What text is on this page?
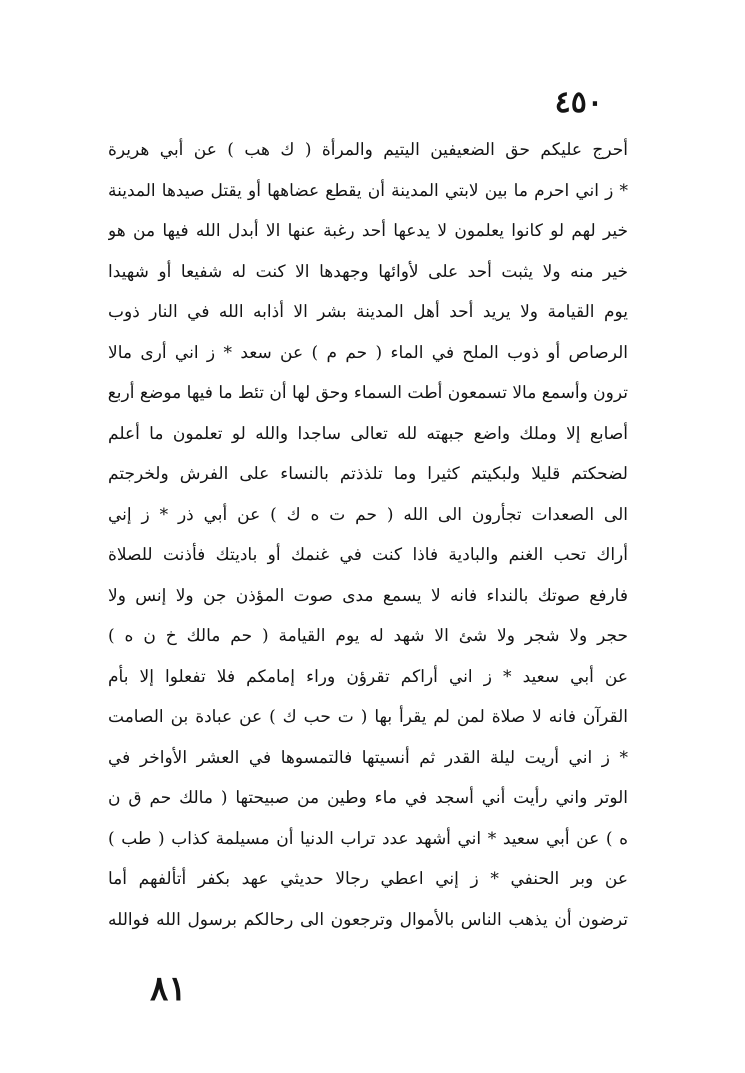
٤٥٠
أحرج عليكم حق الضعيفين اليتيم والمرأة ( ك هب ) عن أبي هريرة
* ز اني احرم ما بين لابتي المدينة أن يقطع عضاهها أو يقتل صيدها المدينة
خير لهم لو كانوا يعلمون لا يدعها أحد رغبة عنها الا أبدل الله فيها من هو
خير منه ولا يثبت أحد على لأوائها وجهدها الا كنت له شفيعا أو شهيدا
يوم القيامة ولا يريد أحد أهل المدينة بشر الا أذابه الله في النار ذوب
الرصاص أو ذوب الملح في الماء ( حم م ) عن سعد * ز اني أرى مالا
ترون وأسمع مالا تسمعون أطت السماء وحق لها أن تئط ما فيها موضع أربع
أصابع إلا وملك واضع جبهته لله تعالى ساجدا والله لو تعلمون ما أعلم
لضحكتم قليلا ولبكيتم كثيرا وما تلذذتم بالنساء على الفرش ولخرجتم
الى الصعدات تجأرون الى الله ( حم ت ه ك ) عن أبي ذر * ز إني
أراك تحب الغنم والبادية فاذا كنت في غنمك أو باديتك فأذنت للصلاة
فارفع صوتك بالنداء فانه لا يسمع مدى صوت المؤذن جن ولا إنس ولا
حجر ولا شجر ولا شئ الا شهد له يوم القيامة ( حم مالك خ ن ه )
عن أبي سعيد * ز اني أراكم تقرؤن وراء إمامكم فلا تفعلوا إلا بأم
القرآن فانه لا صلاة لمن لم يقرأ بها ( ت حب ك ) عن عبادة بن الصامت
* ز اني أريت ليلة القدر ثم أنسيتها فالتمسوها في العشر الأواخر في
الوتر واني رأيت أني أسجد في ماء وطين من صبيحتها ( مالك حم ق ن
ه ) عن أبي سعيد * اني أشهد عدد تراب الدنيا أن مسيلمة كذاب ( طب )
عن وبر الحنفي * ز إني اعطي رجالا حديثي عهد بكفر أتألفهم أما
ترضون أن يذهب الناس بالأموال وترجعون الى رحالكم برسول الله فوالله
٨١
